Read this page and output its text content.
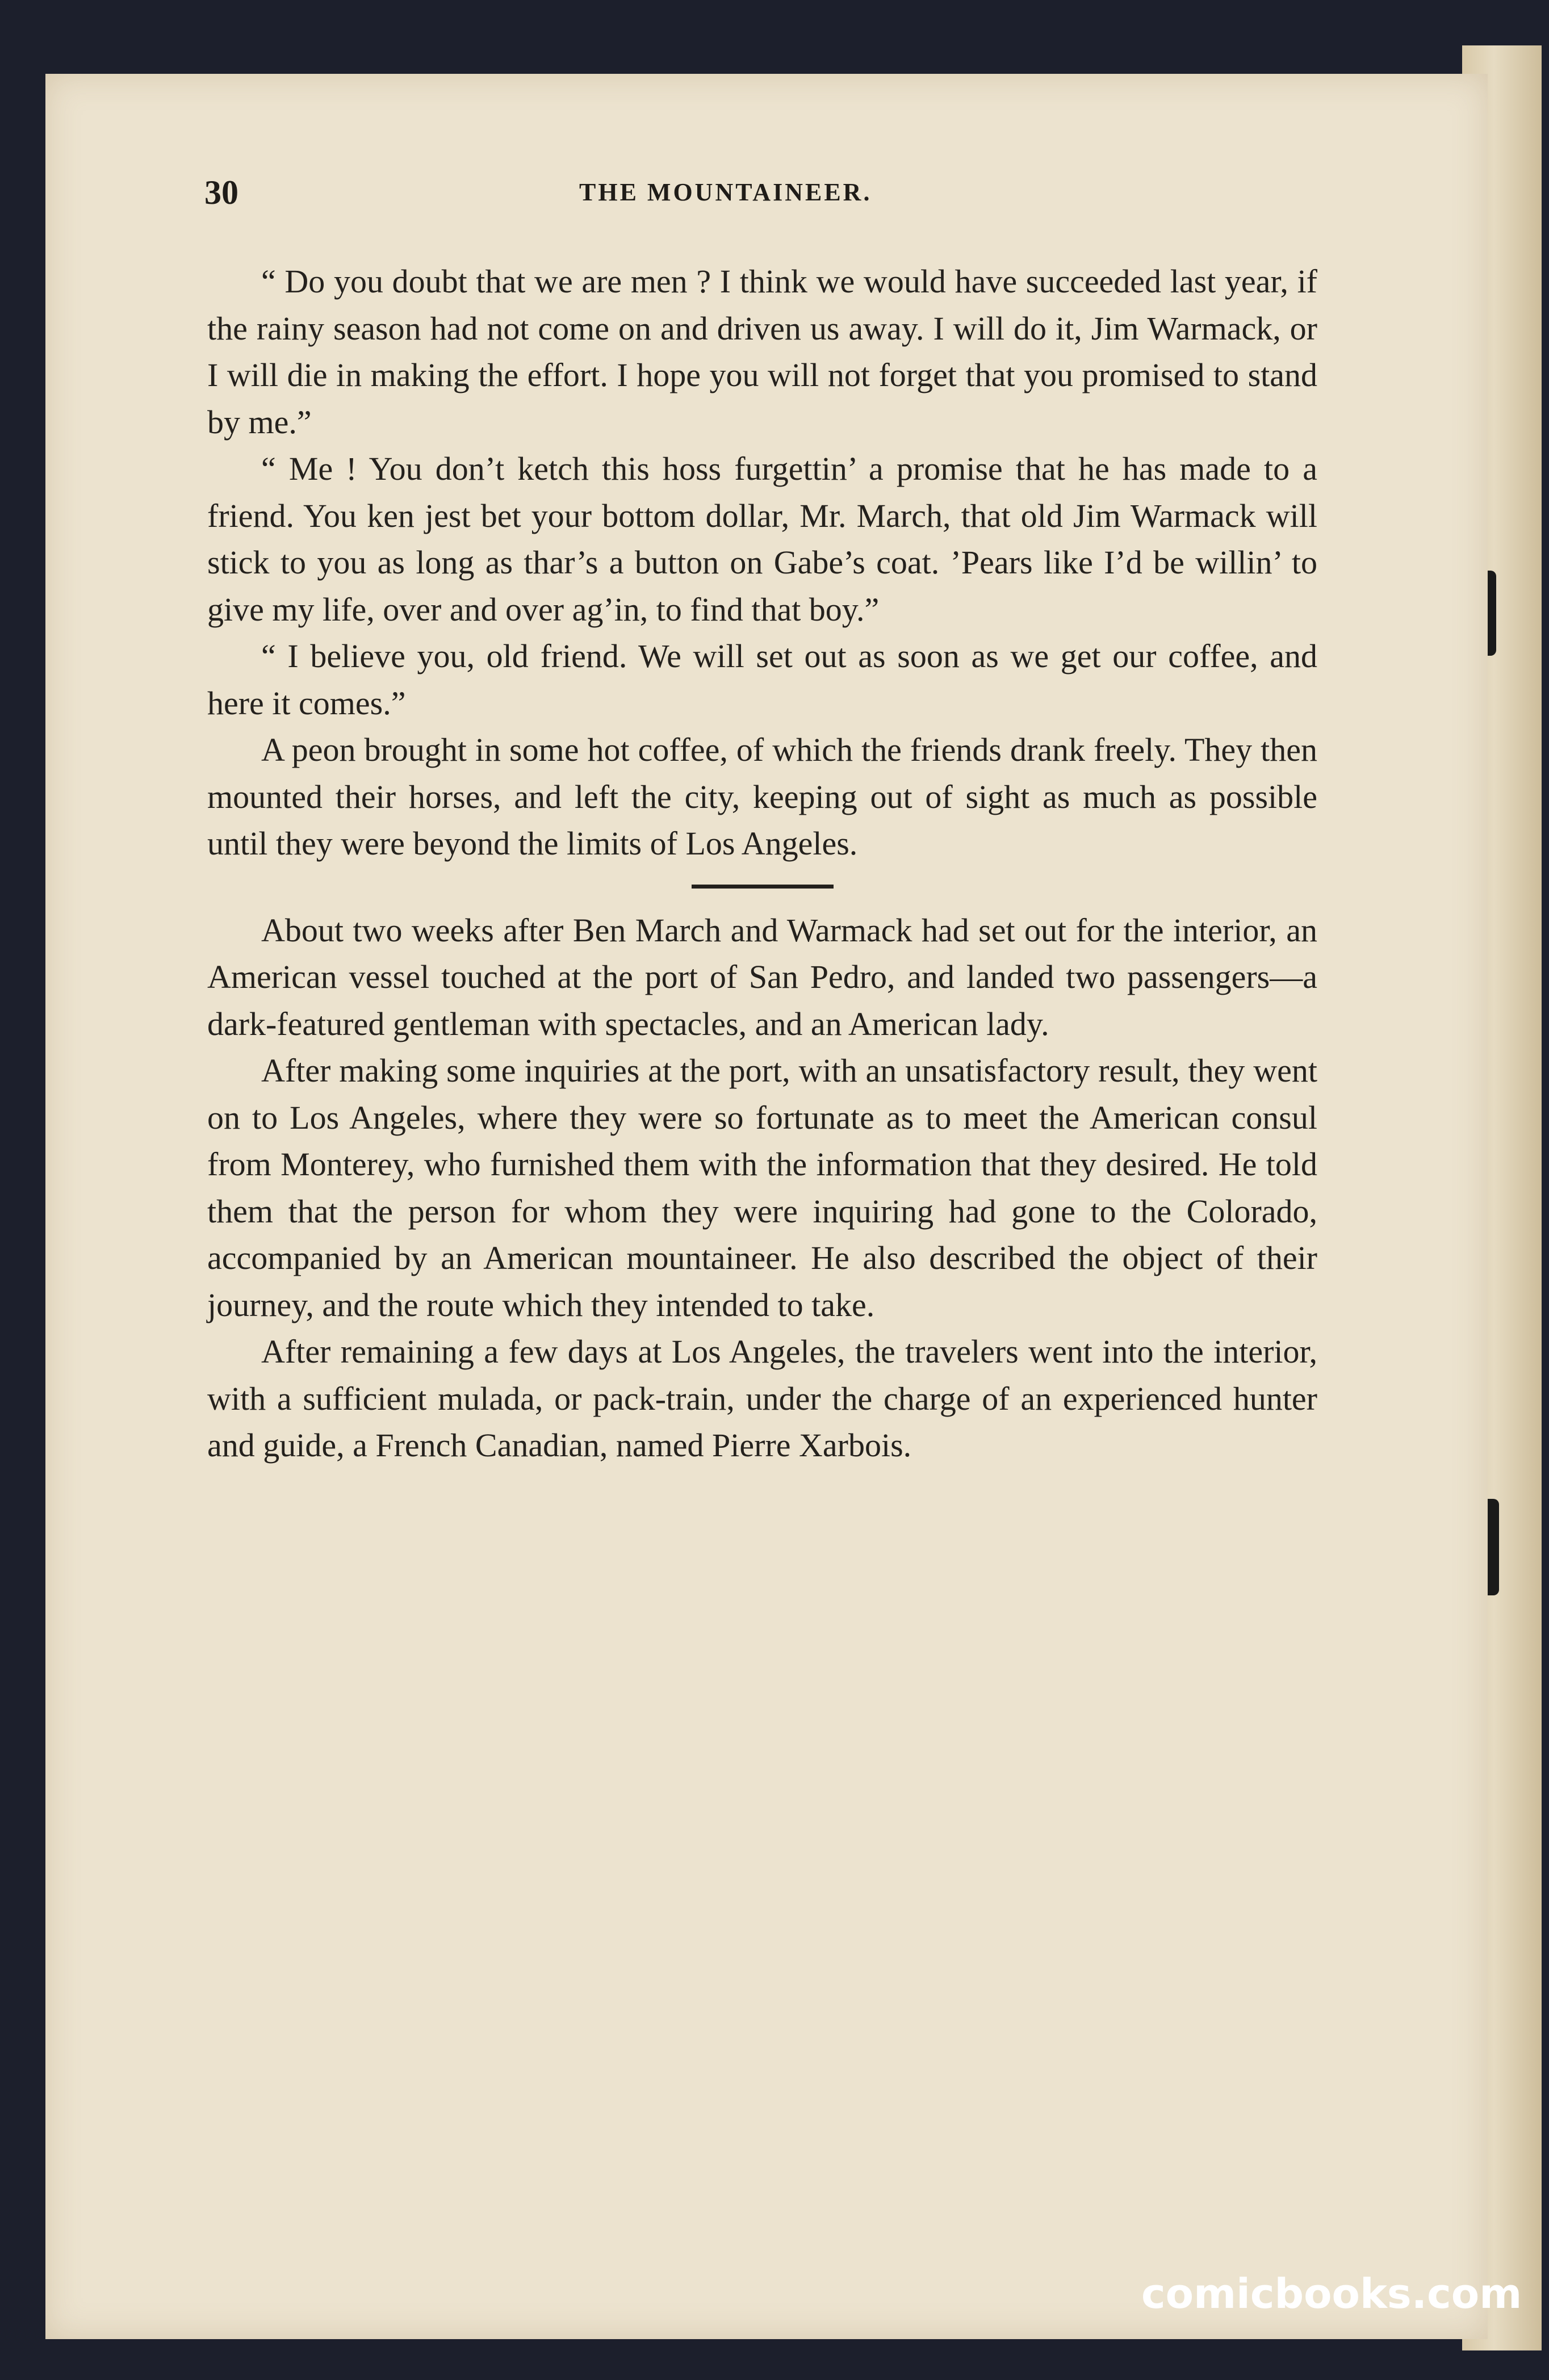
30	THE MOUNTAINEER.

“ Do you doubt that we are men ? I think we would have succeeded last year, if the rainy season had not come on and driven us away. I will do it, Jim Warmack, or I will die in making the effort. I hope you will not forget that you promised to stand by me.”

“ Me ! You don’t ketch this hoss furgettin’ a promise that he has made to a friend. You ken jest bet your bottom dollar, Mr. March, that old Jim Warmack will stick to you as long as thar’s a button on Gabe’s coat. ’Pears like I’d be willin’ to give my life, over and over ag’in, to find that boy.”

“ I believe you, old friend. We will set out as soon as we get our coffee, and here it comes.”

A peon brought in some hot coffee, of which the friends drank freely. They then mounted their horses, and left the city, keeping out of sight as much as possible until they were beyond the limits of Los Angeles.

About two weeks after Ben March and Warmack had set out for the interior, an American vessel touched at the port of San Pedro, and landed two passengers—a dark-featured gentleman with spectacles, and an American lady.

After making some inquiries at the port, with an unsatisfactory result, they went on to Los Angeles, where they were so fortunate as to meet the American consul from Monterey, who furnished them with the information that they desired. He told them that the person for whom they were inquiring had gone to the Colorado, accompanied by an American mountaineer. He also described the object of their journey, and the route which they intended to take.

After remaining a few days at Los Angeles, the travelers went into the interior, with a sufficient mulada, or pack-train, under the charge of an experienced hunter and guide, a French Canadian, named Pierre Xarbois.

comicbooks.com
